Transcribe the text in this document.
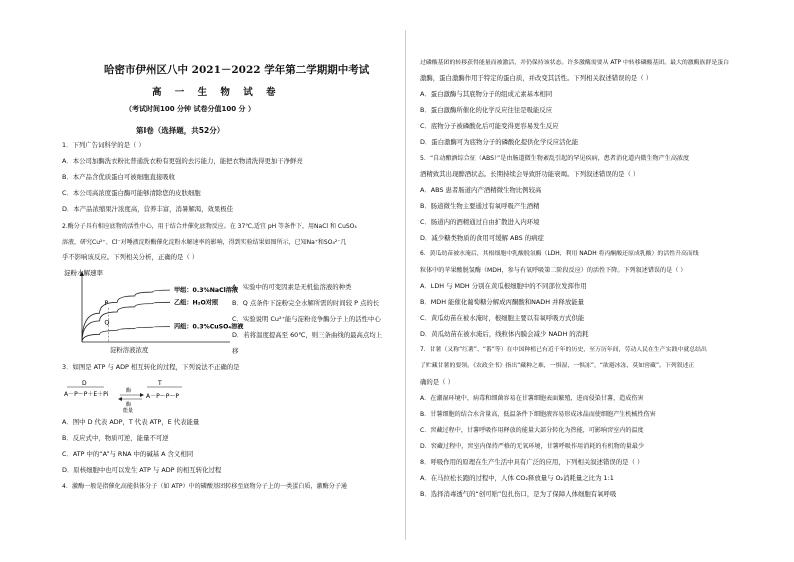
哈密市伊州区八中 2021－2022 学年第二学期期中考试
高 一 生 物 试 卷
（考试时间100 分钟 试卷分值100 分 ）
第Ⅰ卷（选择题，共52分）
1．下列广告词科学的是（ ）
A．本公司加酶洗衣粉比普通洗衣粉有更强的去污能力，能把衣物清洗得更加干净鲜亮
B．本产品含优质蛋白可被细胞直接吸收
C．本公司高浓度蛋白酶可能够清除您的皮肤细胞
D．本产品浓缩果汁浓度高，营养丰富，消暑解渴，效果极佳
2.酶分子具有相应底物的活性中心，用于结合并催化底物反应。在 37℃,适宜 pH 等条件下，用NaCl 和 CuSO₄
溶液，研究Cu²⁺、Cl⁻对唾液淀粉酶催化淀粉水解速率的影响，得到实验结果如图所示，已知Na⁺和SO₄²⁻几
乎不影响该反应。下列相关分析，正确的是（ ）
淀粉水解速率
甲组：0.3%NaCl溶液
乙组：H₂O对照
丙组：0.3%CuSO₄溶液
P
Q
淀粉溶液浓度
A．实验中的可变因素是无机盐溶液的种类
B．Q 点条件下淀粉完全水解所需的时间较 P 点的长
C．实验说明 Cu²⁺能与淀粉竞争酶分子上的活性中心
D．若将温度提高至 60℃，则三条曲线的最高点均上
移
3．如图是 ATP 与 ADP 相互转化的过程，下列说法不正确的是
D	T
A－P～P＋E＋Pi	酶
酶
能量
A－P～P～P
A．图中 D 代表 ADP，T 代表 ATP，E 代表能量
B．反应式中，物质可逆，能量不可逆
C．ATP 中的“A”与 RNA 中的碱基 A 含义相同
D．原核细胞中也可以发生 ATP 与 ADP 的相互转化过程
4．激酶一般是指催化高能供体分子（如 ATP）中的磷酸基团转移至底物分子上的一类蛋白质，激酶分子通
过磷酸基团的转移获得能量而被激活，并仍保持该状态。许多激酶需要从 ATP 中转移磷酸基团。最大的激酶族群是蛋白
激酶，蛋白激酶作用于特定的蛋白质，并改变其活性。下列相关叙述错误的是（ ）
A．蛋白激酶与其底物分子的组成元素基本相同
B．蛋白激酶所催化的化学反应往往是吸能反应
C．底物分子被磷酸化后可能变得更容易发生反应
D．蛋白激酶可为底物分子的磷酸化提供化学反应活化能
5．“自动酿酒综合征（ABS）”是由肠道微生物紊乱引起的罕见疾病，患者消化道内微生物产生高浓度
酒精致其出现醉酒状态。长期持续会导致肝功能衰竭。下列叙述错误的是（ ）
A．ABS 患者肠道内产酒精微生物比例较高
B．肠道微生物主要通过有氧呼吸产生酒精
C．肠道内的酒精通过自由扩散进入内环境
D．减少糖类物质的食用可缓解 ABS 的病症
6．黄瓜幼苗被水淹后，其根细胞中乳酸脱氢酶（LDH，利用 NADH 将丙酮酸还原成乳酸）的活性升高而线
粒体中的苹果酸脱氢酶（MDH，参与有氧呼吸第二阶段反应）的活性下降。下列叙述错误的是（ ）
A．LDH 与 MDH 分别在黄瓜根细胞中的不同部位发挥作用
B．MDH 能催化葡萄糖分解成丙酮酸和NADH 并释放能量
C．黄瓜幼苗在被水淹时，根细胞主要以有氧呼吸方式供能
D．黄瓜幼苗在被水淹后，线粒体内膜会减少 NADH 的消耗
7．甘薯（又称“红薯”、“番”等）在中国种植已有近千年的历史，至万历年间，劳动人民在生产实践中就总结出
了贮藏甘薯的要领。《农政全书》指出“藏种之难，一惧湿，一惧冻”，“欲避冰冻，莫如窖藏”。下列叙述正
确的是（ ）
A．在潮湿环境中，病毒和细菌容易在甘薯细胞表面繁殖，进而侵染甘薯，造成伤害
B．甘薯细胞的结合水含量高，低温条件下细胞液容易形成冰晶而使细胞产生机械性伤害
C．窖藏过程中，甘薯呼吸作用释放的能量大部分转化为热能，可影响窖室内的温度
D．窖藏过程中，窖室内保持严格的无氧环境，甘薯呼吸作用消耗的有机物的量最少
8．呼吸作用的原理在生产生活中具有广泛的应用，下列相关叙述错误的是（ ）
A．在马拉松长跑的过程中，人体 CO₂释放量与 O₂消耗量之比为 1:1
B．选择消毒透气的“创可贴”包扎伤口，是为了保障人体细胞有氧呼吸
